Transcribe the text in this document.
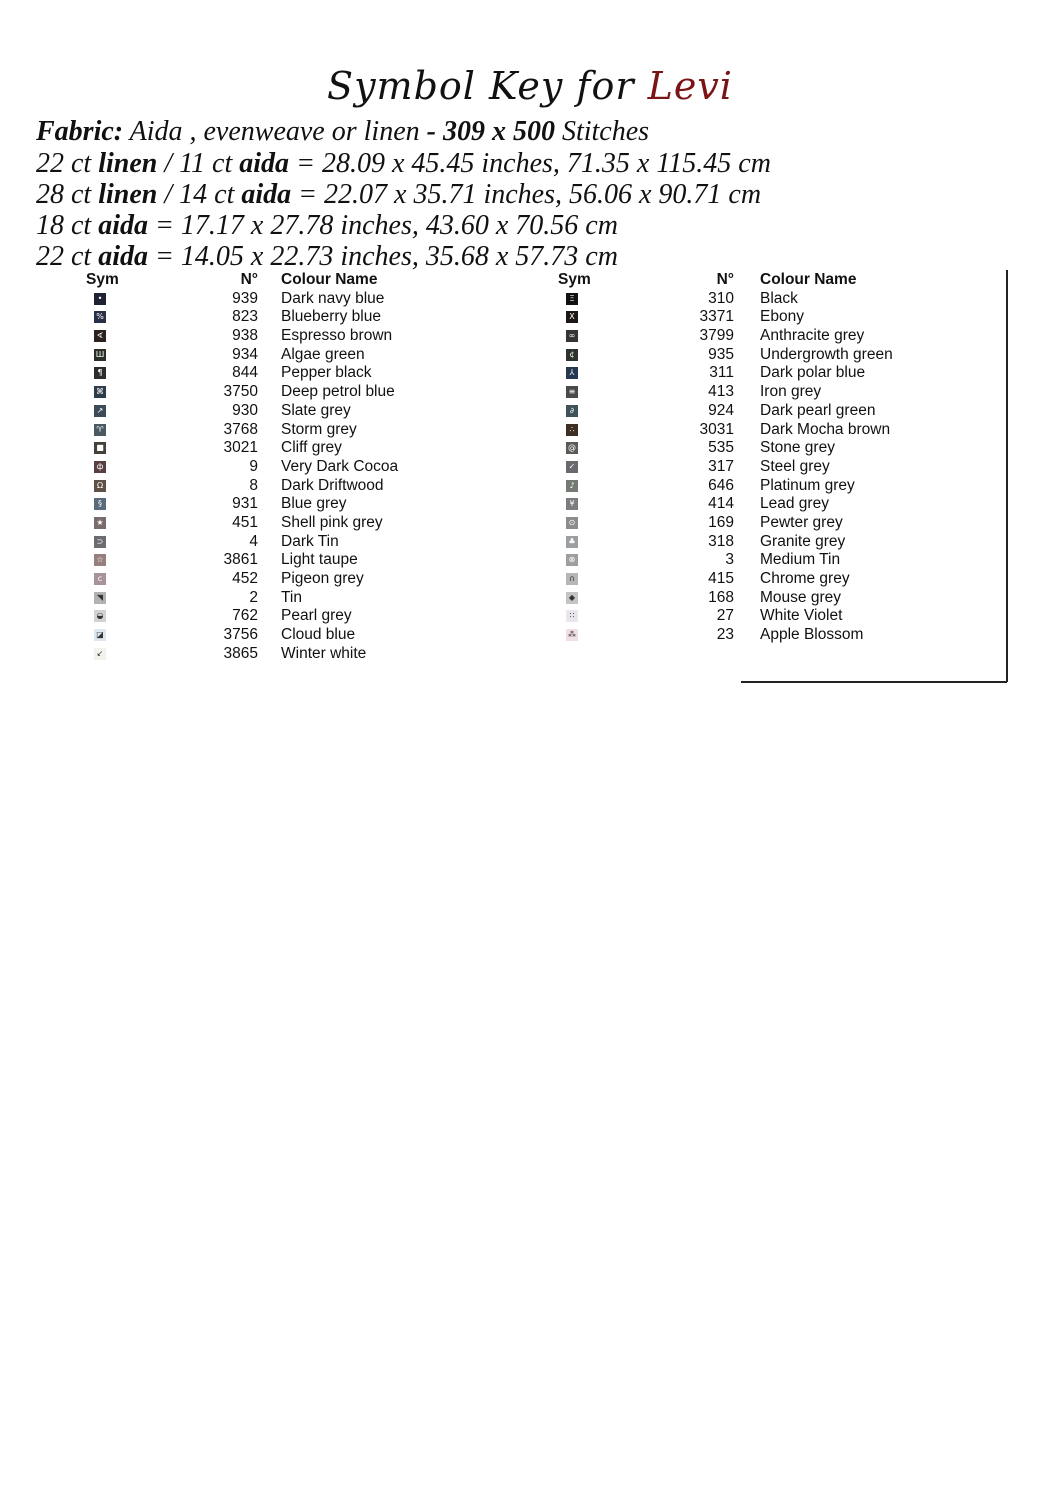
Symbol Key for Levi
Fabric: Aida , evenweave or linen - 309 x 500 Stitches
22 ct linen / 11 ct aida = 28.09 x 45.45 inches, 71.35 x 115.45 cm
28 ct linen / 14 ct aida = 22.07 x 35.71 inches, 56.06 x 90.71 cm
18 ct aida = 17.17 x 27.78 inches, 43.60 x 70.56 cm
22 ct aida = 14.05 x 22.73 inches, 35.68 x 57.73 cm
Sym	N° Colour Name
•	939 Dark navy blue
%	823 Blueberry blue
∢	938 Espresso brown
Ш	934 Algae green
¶	844 Pepper black
⌘	3750 Deep petrol blue
↗	930 Slate grey
♈	3768 Storm grey
■	3021 Cliff grey
ф	9 Very Dark Cocoa
Ω	8 Dark Driftwood
§	931 Blue grey
★	451 Shell pink grey
⊃	4 Dark Tin
☆	3861 Light taupe
c	452 Pigeon grey
◥	2 Tin
◒	762 Pearl grey
◪	3756 Cloud blue
↙	3865 Winter white
Sym	N° Colour Name
Ξ	310 Black
X	3371 Ebony
∞	3799 Anthracite grey
¢	935 Undergrowth green
⅄	311 Dark polar blue
≡	413 Iron grey
∂	924 Dark pearl green
∴	3031 Dark Mocha brown
@	535 Stone grey
✓	317 Steel grey
♪	646 Platinum grey
¥	414 Lead grey
⊙	169 Pewter grey
♣	318 Granite grey
⊗	3 Medium Tin
∩	415 Chrome grey
◆	168 Mouse grey
∷	27 White Violet
⁂	23 Apple Blossom
